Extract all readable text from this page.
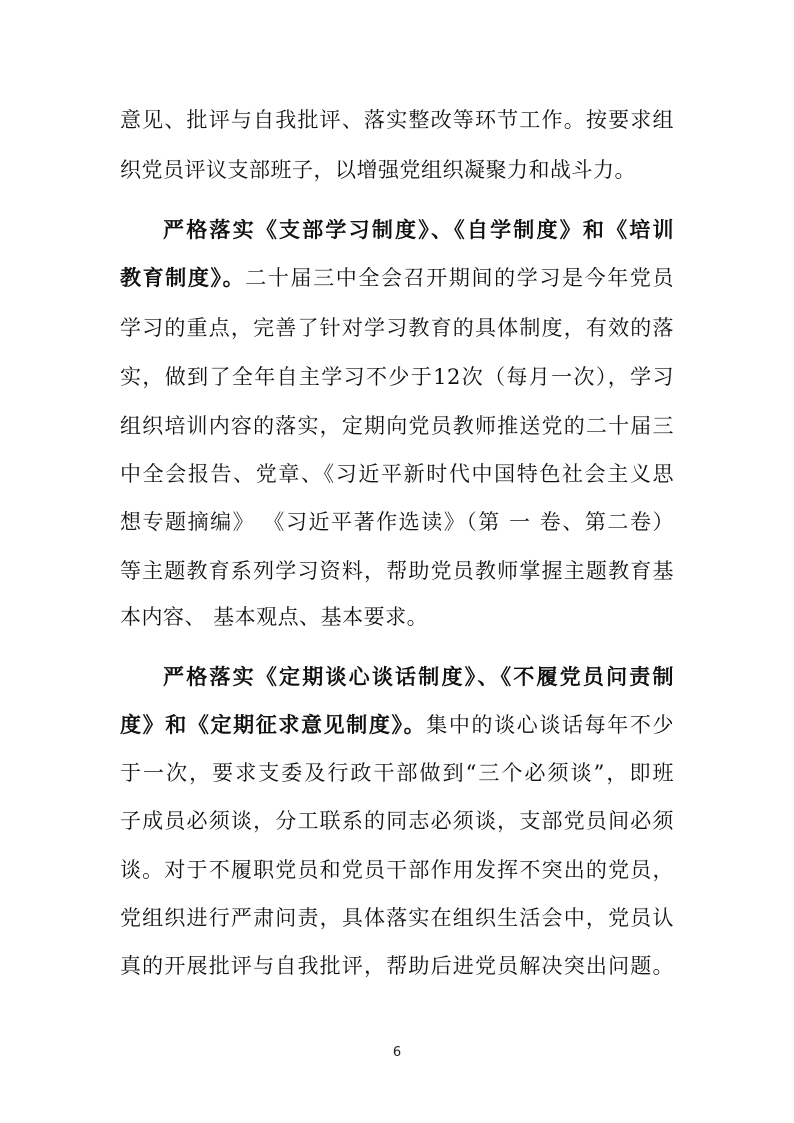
意见、批评与自我批评、落实整改等环节工作。按要求组
织党员评议支部班子，以增强党组织凝聚力和战斗力。
严格落实《支部学习制度》、《自学制度》和《培训
教育制度》。二十届三中全会召开期间的学习是今年党员
学习的重点，完善了针对学习教育的具体制度，有效的落
实，做到了全年自主学习不少于12次（每月一次），学习
组织培训内容的落实，定期向党员教师推送党的二十届三
中全会报告、党章、《习近平新时代中国特色社会主义思
想专题摘编》 《习近平著作选读》（第 一 卷、第二卷）
等主题教育系列学习资料，帮助党员教师掌握主题教育基
本内容、 基本观点、基本要求。
严格落实《定期谈心谈话制度》、《不履党员问责制
度》和《定期征求意见制度》。集中的谈心谈话每年不少
于一次，要求支委及行政干部做到“三个必须谈”，即班
子成员必须谈，分工联系的同志必须谈，支部党员间必须
谈。对于不履职党员和党员干部作用发挥不突出的党员，
党组织进行严肃问责，具体落实在组织生活会中，党员认
真的开展批评与自我批评，帮助后进党员解决突出问题。
6
